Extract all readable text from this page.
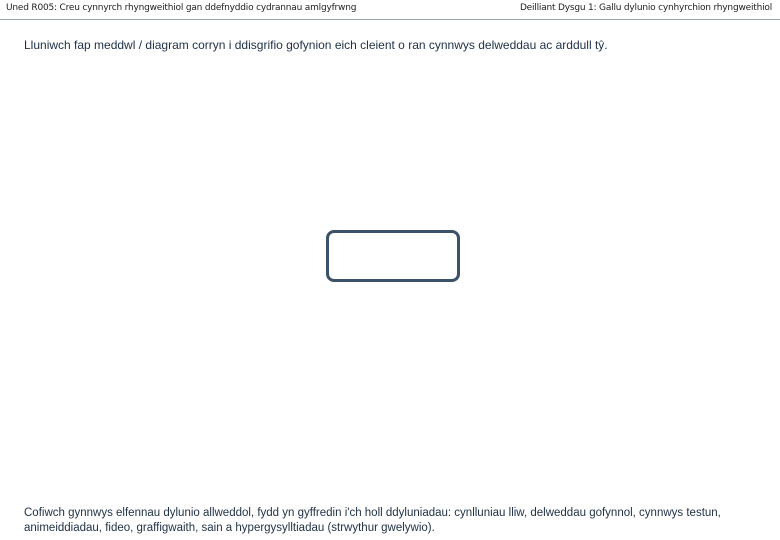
Uned R005: Creu cynnyrch rhyngweithiol gan ddefnyddio cydrannau amlgyfrwng	Deilliant Dysgu 1: Gallu dylunio cynhyrchion rhyngweithiol
Lluniwch fap meddwl / diagram corryn i ddisgrifio gofynion eich cleient o ran cynnwys delweddau ac arddull tŷ.
Cofiwch gynnwys elfennau dylunio allweddol, fydd yn gyffredin i'ch holl ddyluniadau: cynlluniau lliw, delweddau gofynnol, cynnwys testun, animeiddiadau, fideo, graffigwaith, sain a hypergysylltiadau (strwythur gwelywio).
